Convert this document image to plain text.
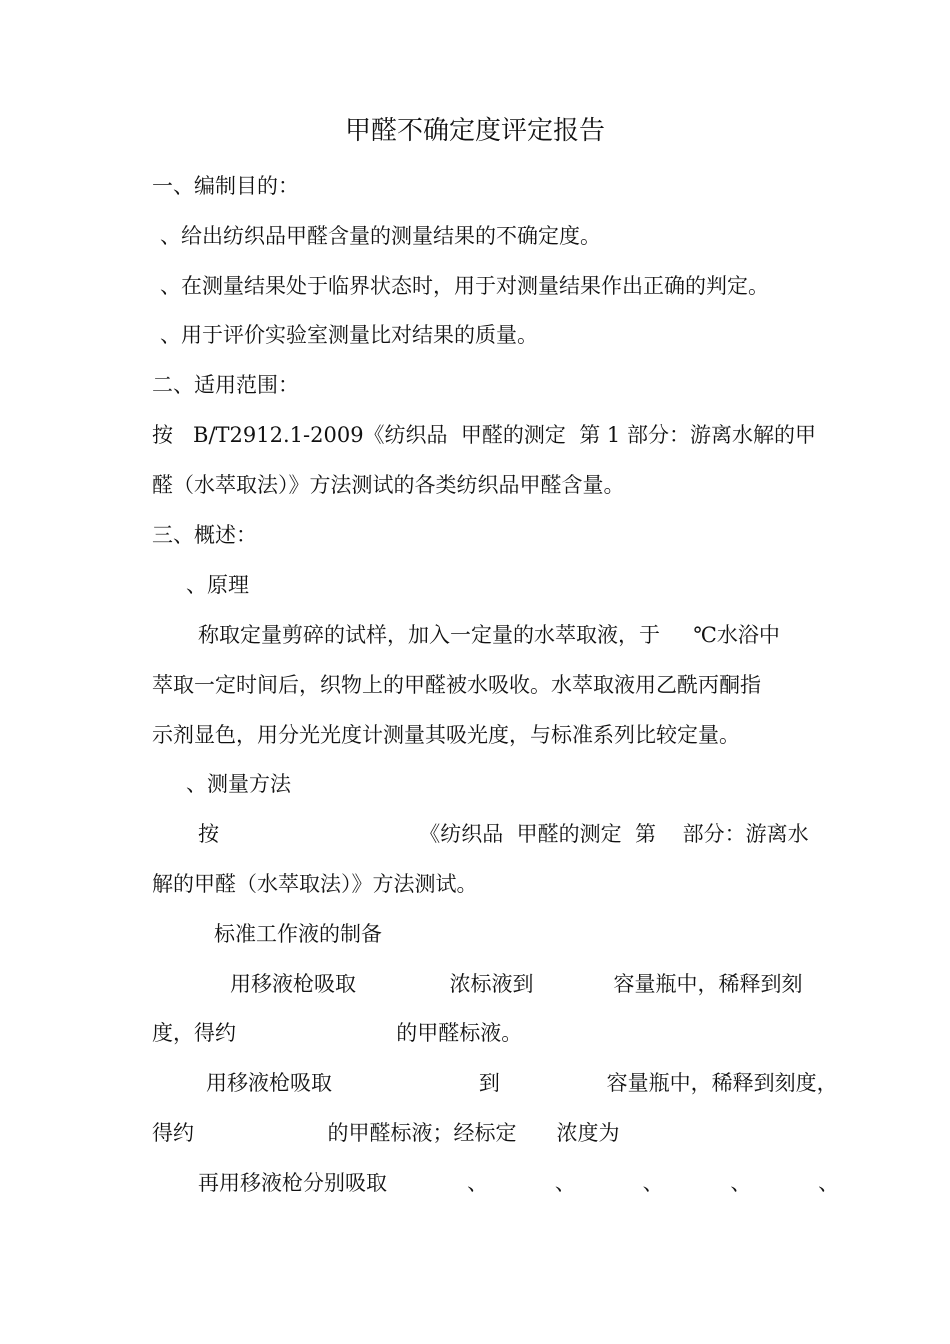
甲醛不确定度评定报告
一、编制目的：
、给出纺织品甲醛含量的测量结果的不确定度。
、在测量结果处于临界状态时，用于对测量结果作出正确的判定。
、用于评价实验室测量比对结果的质量。
二、适用范围：
按   B/T2912.1-2009《纺织品  甲醛的测定  第 1 部分：游离水解的甲
醛（水萃取法）》方法测试的各类纺织品甲醛含量。
三、概述：
、原理
称取定量剪碎的试样，加入一定量的水萃取液，于     ℃水浴中
萃取一定时间后，织物上的甲醛被水吸收。水萃取液用乙酰丙酮指
示剂显色，用分光光度计测量其吸光度，与标准系列比较定量。
、测量方法
按                              《纺织品  甲醛的测定  第    部分：游离水
解的甲醛（水萃取法）》方法测试。
标准工作液的制备
用移液枪吸取              浓标液到            容量瓶中，稀释到刻
度，得约                        的甲醛标液。
用移液枪吸取                      到                容量瓶中，稀释到刻度，
得约                    的甲醛标液；经标定      浓度为
再用移液枪分别吸取            、          、          、          、          、
